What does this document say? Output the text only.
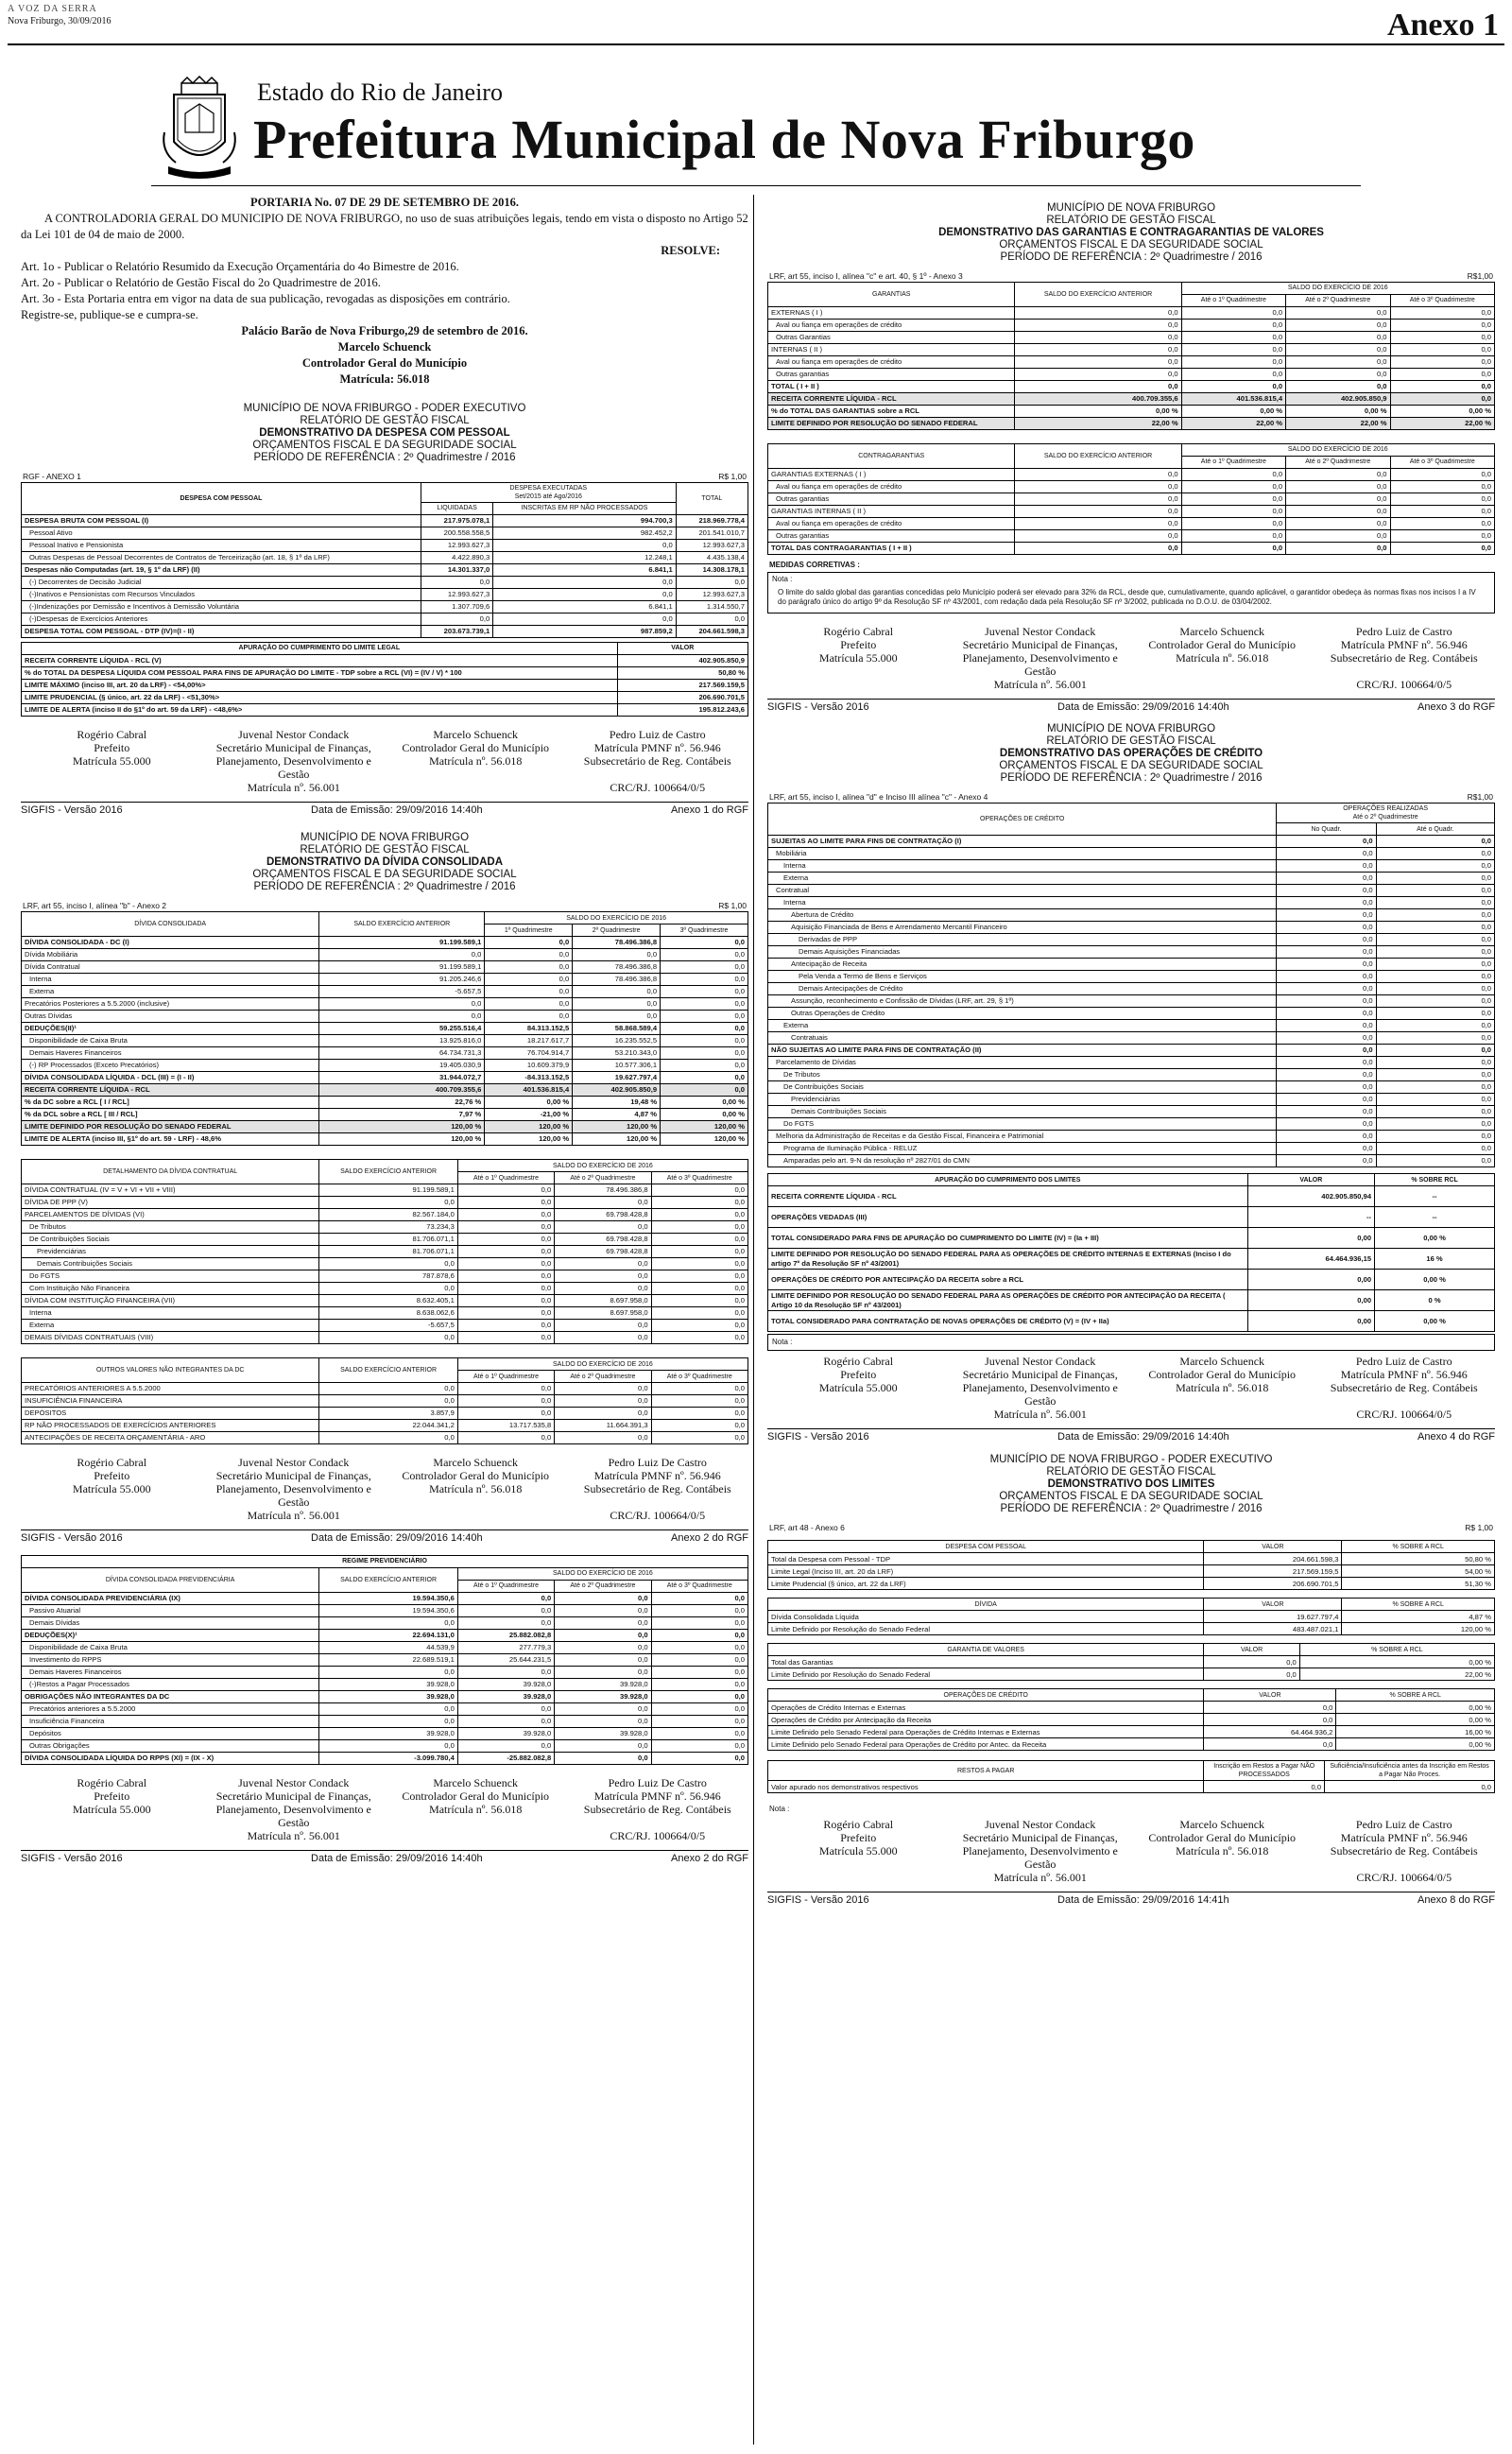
A VOZ DA SERRA
Nova Friburgo, 30/09/2016	Anexo 1
Estado do Rio de Janeiro
Prefeitura Municipal de Nova Friburgo

PORTARIA No. 07 DE 29 DE SETEMBRO DE 2016.

A CONTROLADORIA GERAL DO MUNICIPIO DE NOVA FRIBURGO, no uso de suas atribuições legais, tendo em vista o disposto no Artigo 52 da Lei 101 de 04 de maio de 2000.

RESOLVE:

Art. 1o - Publicar o Relatório Resumido da Execução Orçamentária do 4o Bimestre de 2016.

Art. 2o - Publicar o Relatório de Gestão Fiscal do 2o Quadrimestre de 2016.

Art. 3o - Esta Portaria entra em vigor na data de sua publicação, revogadas as disposições em contrário.

Registre-se, publique-se e cumpra-se.

Palácio Barão de Nova Friburgo,29 de setembro de 2016.

Marcelo Schuenck

Controlador Geral do Município

Matrícula: 56.018

MUNICÍPIO DE NOVA FRIBURGO - PODER EXECUTIVO
RELATÓRIO DE GESTÃO FISCAL
DEMONSTRATIVO DA DESPESA COM PESSOAL
ORÇAMENTOS FISCAL E DA SEGURIDADE SOCIAL
PERÍODO DE REFERÊNCIA : 2º Quadrimestre / 2016
RGF - ANEXO 1	R$ 1,00
DESPESA COM PESSOAL	DESPESA EXECUTADAS
Set/2015 até Ago/2016		TOTAL
	LIQUIDADAS	INSCRITAS EM RP NÃO PROCESSADOS	

DESPESA BRUTA COM PESSOAL (I)	217.975.078,1	994.700,3	218.969.778,4
Pessoal Ativo	200.558.558,5	982.452,2	201.541.010,7
Pessoal Inativo e Pensionista	12.993.627,3	0,0	12.993.627,3
Outras Despesas de Pessoal Decorrentes de Contratos de Terceirização (art. 18, § 1º da LRF)	4.422.890,3	12.248,1	4.435.138,4
Despesas não Computadas (art. 19, § 1º da LRF) (II)	14.301.337,0	6.841,1	14.308.178,1
(-) Decorrentes de Decisão Judicial	0,0	0,0	0,0
(-)Inativos e Pensionistas com Recursos Vinculados	12.993.627,3	0,0	12.993.627,3
(-)Indenizações por Demissão e Incentivos à Demissão Voluntária	1.307.709,6	6.841,1	1.314.550,7
(-)Despesas de Exercícios Anteriores	0,0	0,0	0,0
DESPESA TOTAL COM PESSOAL - DTP (IV)=(I - II)	203.673.739,1	987.859,2	204.661.598,3
APURAÇÃO DO CUMPRIMENTO DO LIMITE LEGAL	VALOR
RECEITA CORRENTE LÍQUIDA - RCL (V)	402.905.850,9
% do TOTAL DA DESPESA LÍQUIDA COM PESSOAL PARA FINS DE APURAÇÃO DO LIMITE - TDP sobre a RCL (VI) = (IV / V) * 100	50,80 %
LIMITE MÁXIMO (inciso III, art. 20 da LRF) - <54,00%>	217.569.159,5
LIMITE PRUDENCIAL (§ único, art. 22 da LRF) - <51,30%>	206.690.701,5
LIMITE DE ALERTA (inciso II do §1º do art. 59 da LRF) - <48,6%>	195.812.243,6
Rogério Cabral
Prefeito
Matrícula 55.000
Juvenal Nestor Condack
Secretário Municipal de Finanças,
Planejamento, Desenvolvimento e Gestão
Marcelo Schuenck
Controlador Geral do Município
Matrícula nº. 56.018
Pedro Luiz de Castro
Matrícula PMNF nº. 56.946
Subsecretário de Reg. Contábeis
Matrícula nº. 56.001	CRC/RJ. 100664/0/5
SIGFIS - Versão 2016	Data de Emissão: 29/09/2016 14:40h	Anexo 1 do RGF
MUNICÍPIO DE NOVA FRIBURGO
RELATÓRIO DE GESTÃO FISCAL
DEMONSTRATIVO DA DÍVIDA CONSOLIDADA
ORÇAMENTOS FISCAL E DA SEGURIDADE SOCIAL
PERÍODO DE REFERÊNCIA : 2º Quadrimestre / 2016
LRF, art 55, inciso I, alínea "b" - Anexo 2	R$ 1,00
DÍVIDA CONSOLIDADA	SALDO EXERCÍCIO ANTERIOR	SALDO DO EXERCÍCIO DE 2016		
		1º Quadrimestre	2º Quadrimestre	3º Quadrimestre
DÍVIDA CONSOLIDADA - DC (I)	91.199.589,1	0,0	78.496.386,8	0,0
Dívida Mobiliária	0,0	0,0	0,0	0,0
Dívida Contratual	91.199.589,1	0,0	78.496.386,8	0,0
Interna	91.205.246,6	0,0	78.496.386,8	0,0
Externa	-5.657,5	0,0	0,0	0,0
Precatórios Posteriores a 5.5.2000 (inclusive)	0,0	0,0	0,0	0,0
Outras Dívidas	0,0	0,0	0,0	0,0
DEDUÇÕES(II)¹	59.255.516,4	84.313.152,5	58.868.589,4	0,0
Disponibilidade de Caixa Bruta	13.925.816,0	18.217.617,7	16.235.552,5	0,0
Demais Haveres Financeiros	64.734.731,3	76.704.914,7	53.210.343,0	0,0
(-) RP Processados (Exceto Precatórios)	19.405.030,9	10.609.379,9	10.577.306,1	0,0
DÍVIDA CONSOLIDADA LÍQUIDA - DCL (III) = (I - II)	31.944.072,7	-84.313.152,5	19.627.797,4	0,0
RECEITA CORRENTE LÍQUIDA - RCL	400.709.355,6	401.536.815,4	402.905.850,9	0,0
% da DC sobre a RCL [ I / RCL]	22,76 %	0,00 %	19,48 %	0,00 %
% da DCL sobre a RCL [ III / RCL]	7,97 %	-21,00 %	4,87 %	0,00 %
LIMITE DEFINIDO POR RESOLUÇÃO DO SENADO FEDERAL	120,00 %	120,00 %	120,00 %	120,00 %
LIMITE DE ALERTA (inciso III, §1º do art. 59 - LRF) - 48,6%	120,00 %	120,00 %	120,00 %	120,00 %
DETALHAMENTO DA DÍVIDA CONTRATUAL	SALDO EXERCÍCIO ANTERIOR	SALDO DO EXERCÍCIO DE 2016		
		Até o 1º Quadrimestre	Até o 2º Quadrimestre	Até o 3º Quadrimestre
DÍVIDA CONTRATUAL (IV = V + VI + VII + VIII)	91.199.589,1	0,0	78.496.386,8	0,0
DÍVIDA DE PPP (V)	0,0	0,0	0,0	0,0
PARCELAMENTOS DE DÍVIDAS (VI)	82.567.184,0	0,0	69.798.428,8	0,0
De Tributos	73.234,3	0,0	0,0	0,0
De Contribuições Sociais	81.706.071,1	0,0	69.798.428,8	0,0
Previdenciárias	81.706.071,1	0,0	69.798.428,8	0,0
Demais Contribuições Sociais	0,0	0,0	0,0	0,0
Do FGTS	787.878,6	0,0	0,0	0,0
Com Instituição Não Financeira	0,0	0,0	0,0	0,0
DÍVIDA COM INSTITUIÇÃO FINANCEIRA (VII)	8.632.405,1	0,0	8.697.958,0	0,0
Interna	8.638.062,6	0,0	8.697.958,0	0,0
Externa	-5.657,5	0,0	0,0	0,0
DEMAIS DÍVIDAS CONTRATUAIS (VIII)	0,0	0,0	0,0	0,0
OUTROS VALORES NÃO INTEGRANTES DA DC	SALDO EXERCÍCIO ANTERIOR	SALDO DO EXERCÍCIO DE 2016		
		Até o 1º Quadrimestre	Até o 2º Quadrimestre	Até o 3º Quadrimestre
PRECATÓRIOS ANTERIORES A 5.5.2000	0,0	0,0	0,0	0,0
INSUFICIÊNCIA FINANCEIRA	0,0	0,0	0,0	0,0
DEPÓSITOS	3.857,9	0,0	0,0	0,0
RP NÃO PROCESSADOS DE EXERCÍCIOS ANTERIORES	22.044.341,2	13.717.535,8	11.664.391,3	0,0
ANTECIPAÇÕES DE RECEITA ORÇAMENTÁRIA - ARO	0,0	0,0	0,0	0,0
Rogério Cabral
Prefeito
Matrícula 55.000
Juvenal Nestor Condack
Secretário Municipal de Finanças,
Planejamento, Desenvolvimento e Gestão
Marcelo Schuenck
Controlador Geral do Município
Matrícula nº. 56.018
Pedro Luiz De Castro
Matrícula PMNF nº. 56.946
Subsecretário de Reg. Contábeis
Matrícula nº. 56.001	CRC/RJ. 100664/0/5
SIGFIS - Versão 2016	Data de Emissão: 29/09/2016 14:40h	Anexo 2 do RGF
REGIME PREVIDENCIÁRIO				
DÍVIDA CONSOLIDADA PREVIDENCIÁRIA	SALDO EXERCÍCIO ANTERIOR	SALDO DO EXERCÍCIO DE 2016		
		Até o 1º Quadrimestre	Até o 2º Quadrimestre	Até o 3º Quadrimestre
DÍVIDA CONSOLIDADA PREVIDENCIÁRIA (IX)	19.594.350,6	0,0	0,0	0,0
Passivo Atuarial	19.594.350,6	0,0	0,0	0,0
Demais Dívidas	0,0	0,0	0,0	0,0
DEDUÇÕES(X)¹	22.694.131,0	25.882.082,8	0,0	0,0
Disponibilidade de Caixa Bruta	44.539,9	277.779,3	0,0	0,0
Investimento do RPPS	22.689.519,1	25.644.231,5	0,0	0,0
Demais Haveres Financeiros	0,0	0,0	0,0	0,0
(-)Restos a Pagar Processados	39.928,0	39.928,0	39.928,0	0,0
OBRIGAÇÕES NÃO INTEGRANTES DA DC	39.928,0	39.928,0	39.928,0	0,0
Precatórios anteriores a 5.5.2000	0,0	0,0	0,0	0,0
Insuficiência Financeira	0,0	0,0	0,0	0,0
Depósitos	39.928,0	39.928,0	39.928,0	0,0
Outras Obrigações	0,0	0,0	0,0	0,0
DÍVIDA CONSOLIDADA LÍQUIDA DO RPPS (XI) = (IX - X)	-3.099.780,4	-25.882.082,8	0,0	0,0
Rogério Cabral
Prefeito
Matrícula 55.000
Juvenal Nestor Condack
Secretário Municipal de Finanças,
Planejamento, Desenvolvimento e Gestão
Marcelo Schuenck
Controlador Geral do Município
Matrícula nº. 56.018
Pedro Luiz De Castro
Matrícula PMNF nº. 56.946
Subsecretário de Reg. Contábeis
Matrícula nº. 56.001	CRC/RJ. 100664/0/5
SIGFIS - Versão 2016	Data de Emissão: 29/09/2016 14:40h	Anexo 2 do RGF
MUNICÍPIO DE NOVA FRIBURGO
RELATÓRIO DE GESTÃO FISCAL
DEMONSTRATIVO DAS GARANTIAS E CONTRAGARANTIAS DE VALORES
ORÇAMENTOS FISCAL E DA SEGURIDADE SOCIAL
PERÍODO DE REFERÊNCIA : 2º Quadrimestre / 2016
LRF, art 55, inciso I, alínea "c" e art. 40, § 1º - Anexo 3	R$1,00
GARANTIAS	SALDO DO EXERCÍCIO ANTERIOR	SALDO DO EXERCÍCIO DE 2016		
		Até o 1º Quadrimestre	Até o 2º Quadrimestre	Até o 3º Quadrimestre
EXTERNAS ( I )	0,0	0,0	0,0	0,0
Aval ou fiança em operações de crédito	0,0	0,0	0,0	0,0
Outras Garantias	0,0	0,0	0,0	0,0
INTERNAS ( II )	0,0	0,0	0,0	0,0
Aval ou fiança em operações de crédito	0,0	0,0	0,0	0,0
Outras garantias	0,0	0,0	0,0	0,0
TOTAL ( I + II )	0,0	0,0	0,0	0,0
RECEITA CORRENTE LÍQUIDA - RCL	400.709.355,6	401.536.815,4	402.905.850,9	0,0
% do TOTAL DAS GARANTIAS sobre a RCL	0,00 %	0,00 %	0,00 %	0,00 %
LIMITE DEFINIDO POR RESOLUÇÃO DO SENADO FEDERAL	22,00 %	22,00 %	22,00 %	22,00 %
CONTRAGARANTIAS	SALDO DO EXERCÍCIO ANTERIOR	SALDO DO EXERCÍCIO DE 2016		
		Até o 1º Quadrimestre	Até o 2º Quadrimestre	Até o 3º Quadrimestre
GARANTIAS EXTERNAS ( I )	0,0	0,0	0,0	0,0
Aval ou fiança em operações de crédito	0,0	0,0	0,0	0,0
Outras garantias	0,0	0,0	0,0	0,0
GARANTIAS INTERNAS ( II )	0,0	0,0	0,0	0,0
Aval ou fiança em operações de crédito	0,0	0,0	0,0	0,0
Outras garantias	0,0	0,0	0,0	0,0
TOTAL DAS CONTRAGARANTIAS ( I + II )	0,0	0,0	0,0	0,0
MEDIDAS CORRETIVAS :
Nota :
O limite do saldo global das garantias concedidas pelo Município poderá ser elevado para 32% da RCL, desde que, cumulativamente, quando aplicável, o garantidor obedeça às normas fixas nos incisos I a IV do parágrafo único do artigo 9º da Resolução SF nº 43/2001, com redação dada pela Resolução SF nº 3/2002, publicada no D.O.U. de 03/04/2002.
Rogério Cabral
Prefeito
Matrícula 55.000
Juvenal Nestor Condack
Secretário Municipal de Finanças,
Planejamento, Desenvolvimento e Gestão
Marcelo Schuenck
Controlador Geral do Município
Matrícula nº. 56.018
Pedro Luiz de Castro
Matrícula PMNF nº. 56.946
Subsecretário de Reg. Contábeis
Matrícula nº. 56.001	CRC/RJ. 100664/0/5
SIGFIS - Versão 2016	Data de Emissão: 29/09/2016 14:40h	Anexo 3 do RGF
MUNICÍPIO DE NOVA FRIBURGO
RELATÓRIO DE GESTÃO FISCAL
DEMONSTRATIVO DAS OPERAÇÕES DE CRÉDITO
ORÇAMENTOS FISCAL E DA SEGURIDADE SOCIAL
PERÍODO DE REFERÊNCIA : 2º Quadrimestre / 2016
LRF, art 55, inciso I, alínea "d" e Inciso III alínea "c" - Anexo 4	R$1,00
OPERAÇÕES DE CRÉDITO	OPERAÇÕES REALIZADAS
Até o 2º Quadrimestre	
	No Quadr.	Até o Quadr.
SUJEITAS AO LIMITE PARA FINS DE CONTRATAÇÃO (I)	0,0	0,0
Mobiliária	0,0	0,0
Interna	0,0	0,0
Externa	0,0	0,0
Contratual	0,0	0,0
Interna	0,0	0,0
Abertura de Crédito	0,0	0,0
Aquisição Financiada de Bens e Arrendamento Mercantil Financeiro	0,0	0,0
Derivadas de PPP	0,0	0,0
Demais Aquisições Financiadas	0,0	0,0
Antecipação de Receita	0,0	0,0
Pela Venda a Termo de Bens e Serviços	0,0	0,0
Demais Antecipações de Crédito	0,0	0,0
Assunção, reconhecimento e Confissão de Dívidas (LRF, art. 29, § 1º)	0,0	0,0
Outras Operações de Crédito	0,0	0,0
Externa	0,0	0,0
Contratuais	0,0	0,0
NÃO SUJEITAS AO LIMITE PARA FINS DE CONTRATAÇÃO (II)	0,0	0,0
Parcelamento de Dívidas	0,0	0,0
De Tributos	0,0	0,0
De Contribuições Sociais	0,0	0,0
Previdenciárias	0,0	0,0
Demais Contribuições Sociais	0,0	0,0
Do FGTS	0,0	0,0
Melhoria da Administração de Receitas e da Gestão Fiscal, Financeira e Patrimonial	0,0	0,0
Programa de Iluminação Pública - RELUZ	0,0	0,0
Amparadas pelo art. 9-N da resolução nº 2827/01 do CMN	0,0	0,0
APURAÇÃO DO CUMPRIMENTO DOS LIMITES	VALOR	% SOBRE RCL
RECEITA CORRENTE LÍQUIDA - RCL	402.905.850,94	--
OPERAÇÕES VEDADAS (III)	--	--
TOTAL CONSIDERADO PARA FINS DE APURAÇÃO DO CUMPRIMENTO DO LIMITE (IV) = (Ia + III)	0,00	0,00 %
LIMITE DEFINIDO POR RESOLUÇÃO DO SENADO FEDERAL PARA AS OPERAÇÕES DE CRÉDITO INTERNAS E EXTERNAS (Inciso I do artigo 7º da Resolução SF nº 43/2001)	64.464.936,15	16 %
OPERAÇÕES DE CRÉDITO POR ANTECIPAÇÃO DA RECEITA sobre a RCL	0,00	0,00 %
LIMITE DEFINIDO POR RESOLUÇÃO DO SENADO FEDERAL PARA AS OPERAÇÕES DE CRÉDITO POR ANTECIPAÇÃO DA RECEITA ( Artigo 10 da Resolução SF nº 43/2001)	0,00	0 %
TOTAL CONSIDERADO PARA CONTRATAÇÃO DE NOVAS OPERAÇÕES DE CRÉDITO (V) = (IV + IIa)	0,00	0,00 %
Nota :
Rogério Cabral
Prefeito
Matrícula 55.000
Juvenal Nestor Condack
Secretário Municipal de Finanças,
Planejamento, Desenvolvimento e Gestão
Marcelo Schuenck
Controlador Geral do Município
Matrícula nº. 56.018
Pedro Luiz de Castro
Matrícula PMNF nº. 56.946
Subsecretário de Reg. Contábeis
Matrícula nº. 56.001	CRC/RJ. 100664/0/5
SIGFIS - Versão 2016	Data de Emissão: 29/09/2016 14:40h	Anexo 4 do RGF
MUNICÍPIO DE NOVA FRIBURGO - PODER EXECUTIVO
RELATÓRIO DE GESTÃO FISCAL
DEMONSTRATIVO DOS LIMITES
ORÇAMENTOS FISCAL E DA SEGURIDADE SOCIAL
PERÍODO DE REFERÊNCIA : 2º Quadrimestre / 2016
LRF, art 48 - Anexo 6	R$ 1,00
DESPESA COM PESSOAL	VALOR	% SOBRE A RCL
Total da Despesa com Pessoal - TDP	204.661.598,3	50,80 %
Limite Legal (Inciso III, art. 20 da LRF)	217.569.159,5	54,00 %
Limite Prudencial (§ único, art. 22 da LRF)	206.690.701,5	51,30 %
DÍVIDA	VALOR	% SOBRE A RCL
Dívida Consolidada Líquida	19.627.797,4	4,87 %
Limite Definido por Resolução do Senado Federal	483.487.021,1	120,00 %
GARANTIA DE VALORES	VALOR	% SOBRE A RCL
Total das Garantias	0,0	0,00 %
Limite Definido por Resolução do Senado Federal	0,0	22,00 %
OPERAÇÕES DE CRÉDITO	VALOR	% SOBRE A RCL
Operações de Crédito Internas e Externas	0,0	0,00 %
Operações de Crédito por Antecipação da Receita	0,0	0,00 %
Limite Definido pelo Senado Federal para Operações de Crédito Internas e Externas	64.464.936,2	16,00 %
Limite Definido pelo Senado Federal para Operações de Crédito por Antec. da Receita	0,0	0,00 %
RESTOS A PAGAR	Inscrição em Restos a Pagar NÃO PROCESSADOS	Suficiência/Insuficiência antes da Inscrição em Restos a Pagar Não Proces.
Valor apurado nos demonstrativos respectivos	0,0	0,0
Nota :
Rogério Cabral
Prefeito
Matrícula 55.000
Juvenal Nestor Condack
Secretário Municipal de Finanças,
Planejamento, Desenvolvimento e Gestão
Marcelo Schuenck
Controlador Geral do Município
Matrícula nº. 56.018
Pedro Luiz de Castro
Matrícula PMNF nº. 56.946
Subsecretário de Reg. Contábeis
Matrícula nº. 56.001	CRC/RJ. 100664/0/5
SIGFIS - Versão 2016	Data de Emissão: 29/09/2016 14:41h	Anexo 8 do RGF
